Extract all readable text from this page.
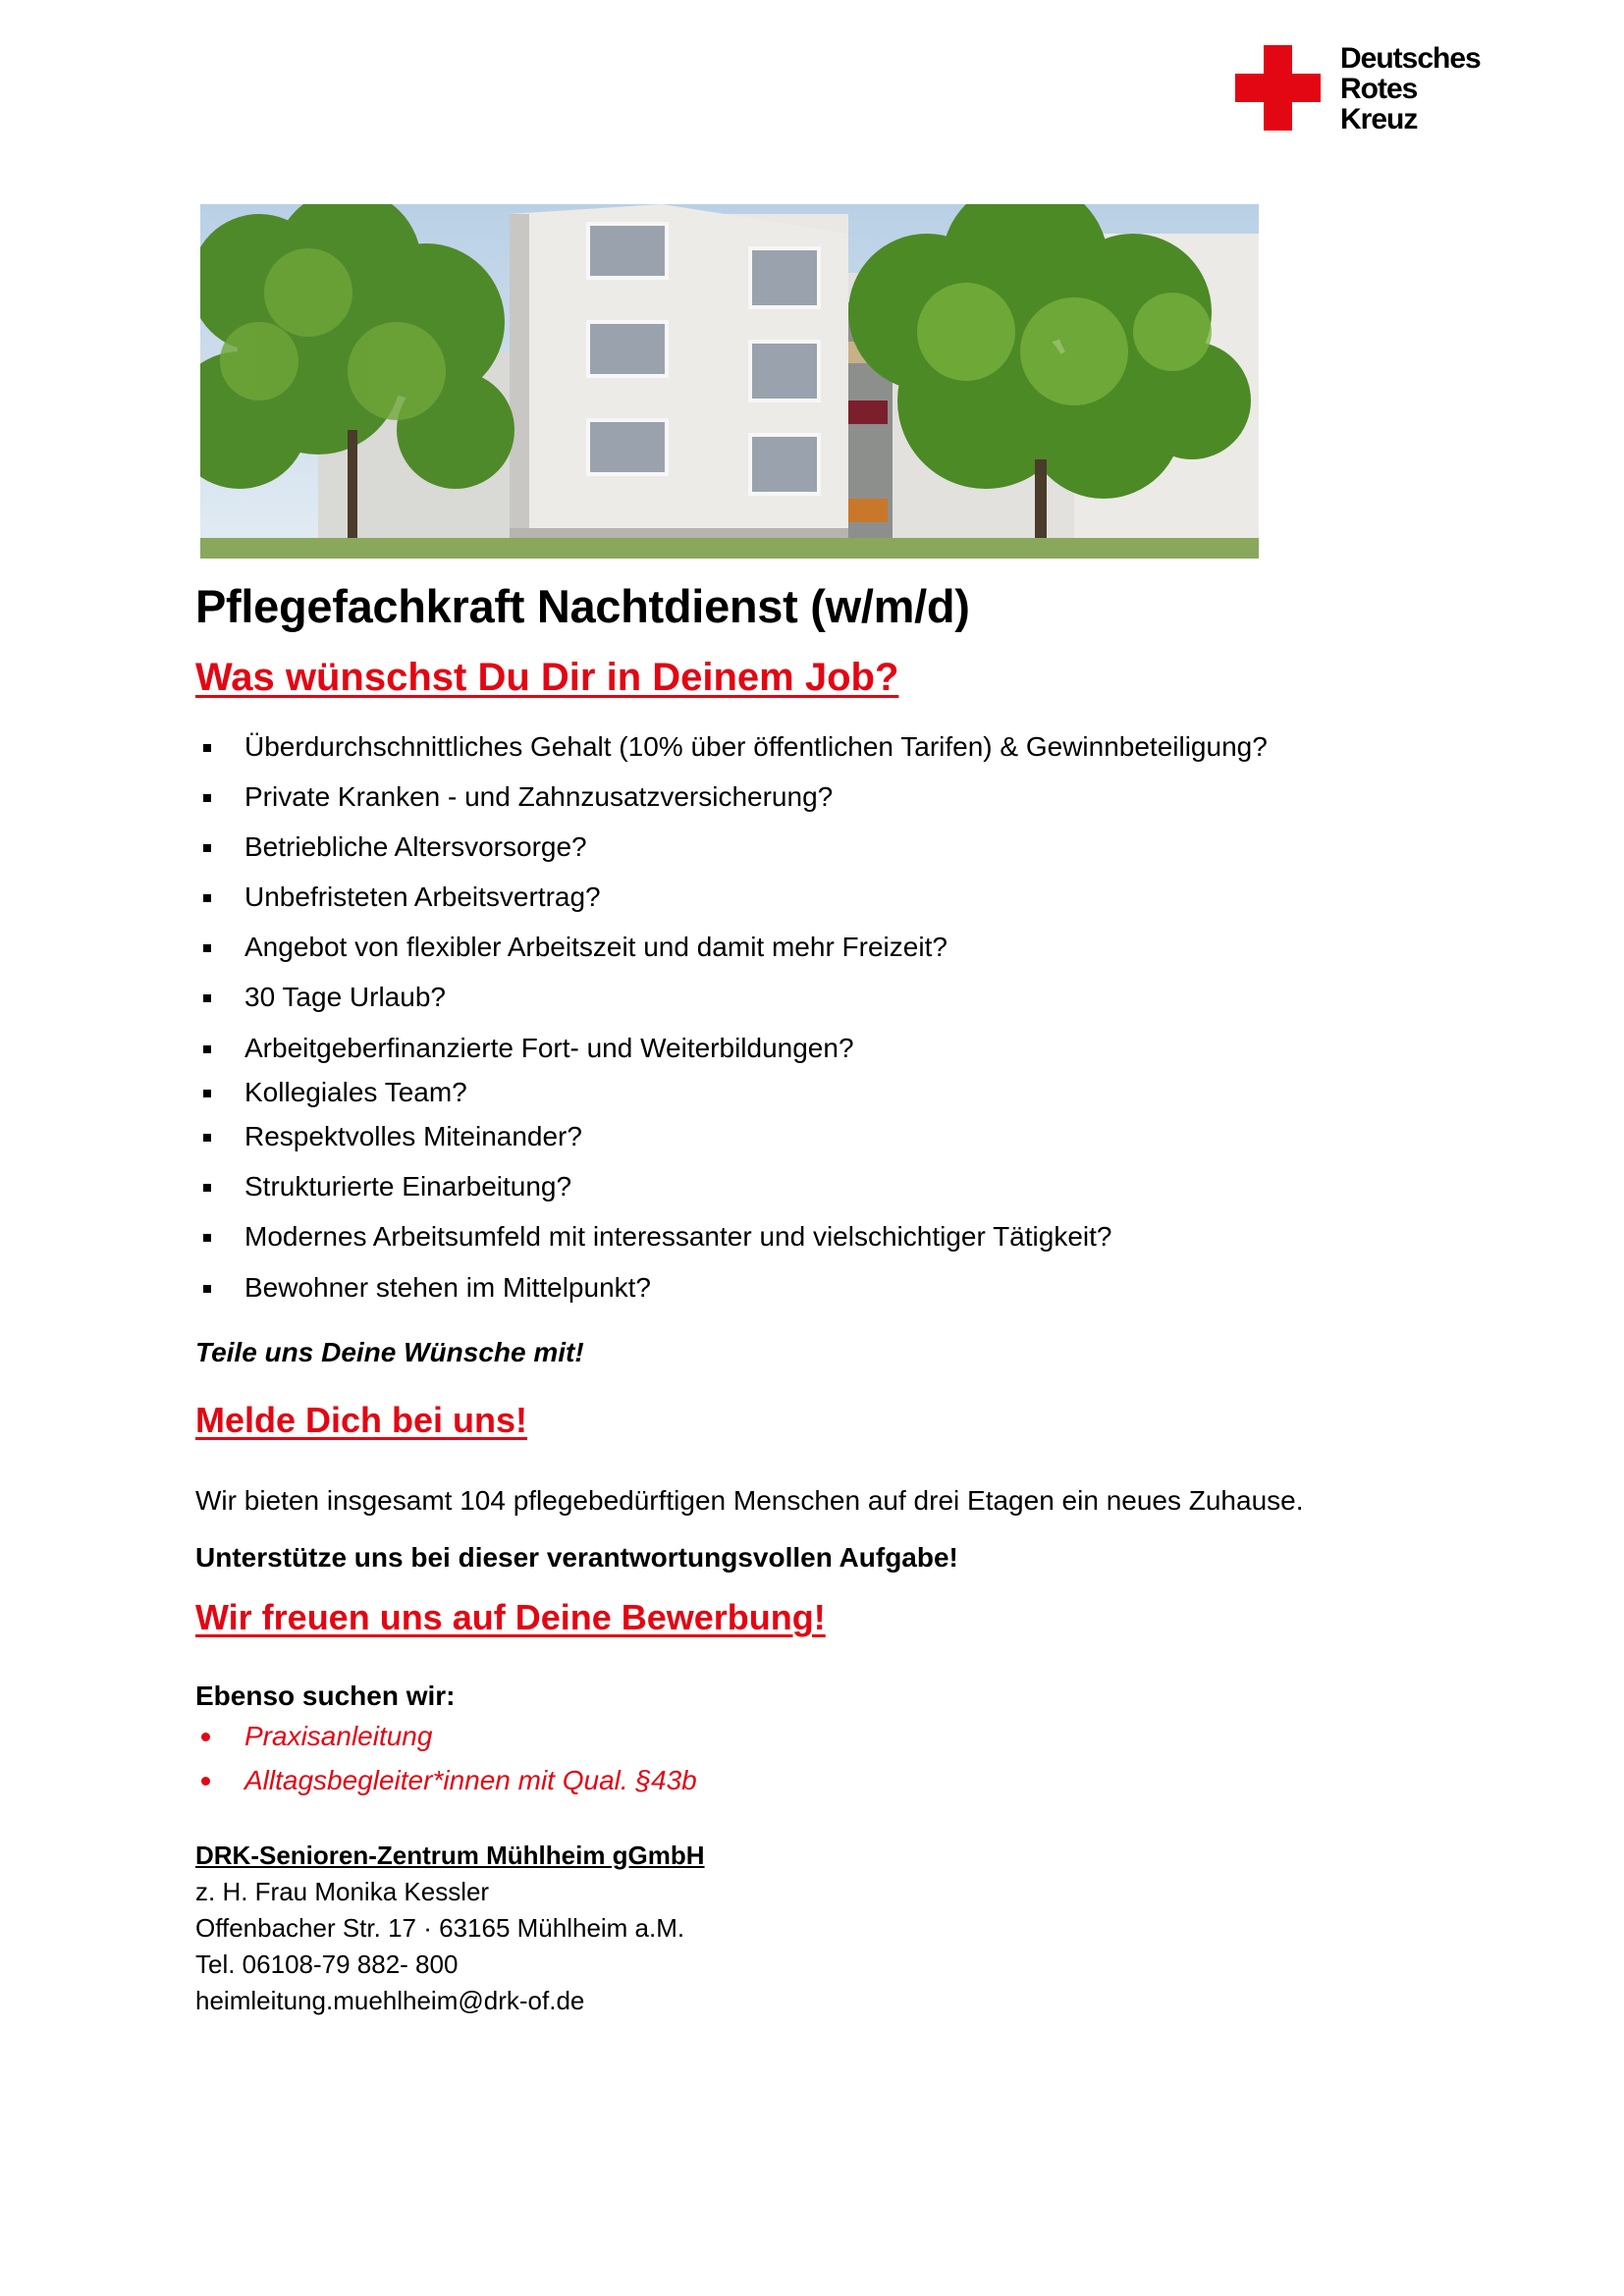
Deutsches
Rotes
Kreuz
Pflegefachkraft Nachtdienst (w/m/d)
Was wünschst Du Dir in Deinem Job?
Überdurchschnittliches Gehalt (10% über öffentlichen Tarifen) & Gewinnbeteiligung?
Private Kranken - und Zahnzusatzversicherung?
Betriebliche Altersvorsorge?
Unbefristeten Arbeitsvertrag?
Angebot von flexibler Arbeitszeit und damit mehr Freizeit?
30 Tage Urlaub?
Arbeitgeberfinanzierte Fort- und Weiterbildungen?
Kollegiales Team?
Respektvolles Miteinander?
Strukturierte Einarbeitung?
Modernes Arbeitsumfeld mit interessanter und vielschichtiger Tätigkeit?
Bewohner stehen im Mittelpunkt?

Teile uns Deine Wünsche mit!

Melde Dich bei uns!

Wir bieten insgesamt 104 pflegebedürftigen Menschen auf drei Etagen ein neues Zuhause.

Unterstütze uns bei dieser verantwortungsvollen Aufgabe!

Wir freuen uns auf Deine Bewerbung!

Ebenso suchen wir:

Praxisanleitung
Alltagsbegleiter*innen mit Qual. §43b
DRK-Senioren-Zentrum Mühlheim gGmbH
z. H. Frau Monika Kessler
Offenbacher Str. 17 · 63165 Mühlheim a.M.
Tel. 06108-79 882- 800
heimleitung.muehlheim@drk-of.de
